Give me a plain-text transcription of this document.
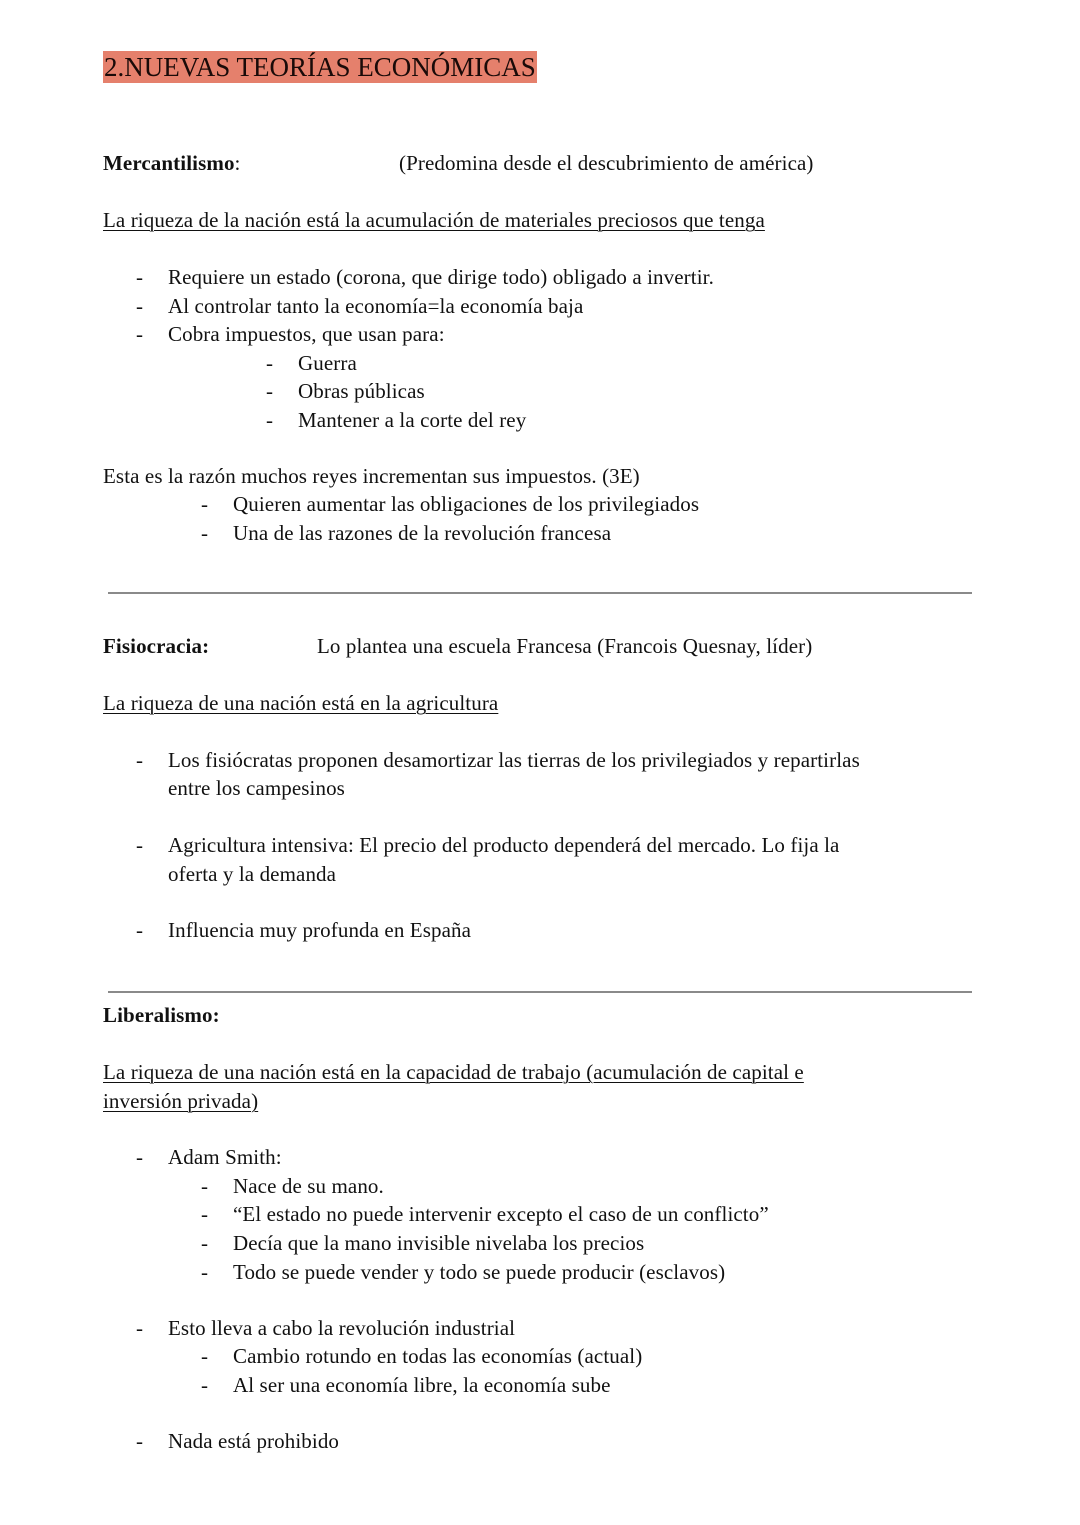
2.NUEVAS TEORÍAS ECONÓMICAS
Mercantilismo:	(Predomina desde el descubrimiento de américa)
La riqueza de la nación está la acumulación de materiales preciosos que tenga
- Requiere un estado (corona, que dirige todo) obligado a invertir.
- Al controlar tanto la economía=la economía baja
- Cobra impuestos, que usan para:
- Guerra
- Obras públicas
- Mantener a la corte del rey
Esta es la razón muchos reyes incrementan sus impuestos. (3E)
- Quieren aumentar las obligaciones de los privilegiados
- Una de las razones de la revolución francesa
Fisiocracia:	Lo plantea una escuela Francesa (Francois Quesnay, líder)
La riqueza de una nación está en la agricultura
- Los fisiócratas proponen desamortizar las tierras de los privilegiados y repartirlas
entre los campesinos
- Agricultura intensiva: El precio del producto dependerá del mercado. Lo fija la
oferta y la demanda
- Influencia muy profunda en España
Liberalismo:
La riqueza de una nación está en la capacidad de trabajo (acumulación de capital e
inversión privada)
- Adam Smith:
- Nace de su mano.
- “El estado no puede intervenir excepto el caso de un conflicto”
- Decía que la mano invisible nivelaba los precios
- Todo se puede vender y todo se puede producir (esclavos)
- Esto lleva a cabo la revolución industrial
- Cambio rotundo en todas las economías (actual)
- Al ser una economía libre, la economía sube
- Nada está prohibido
